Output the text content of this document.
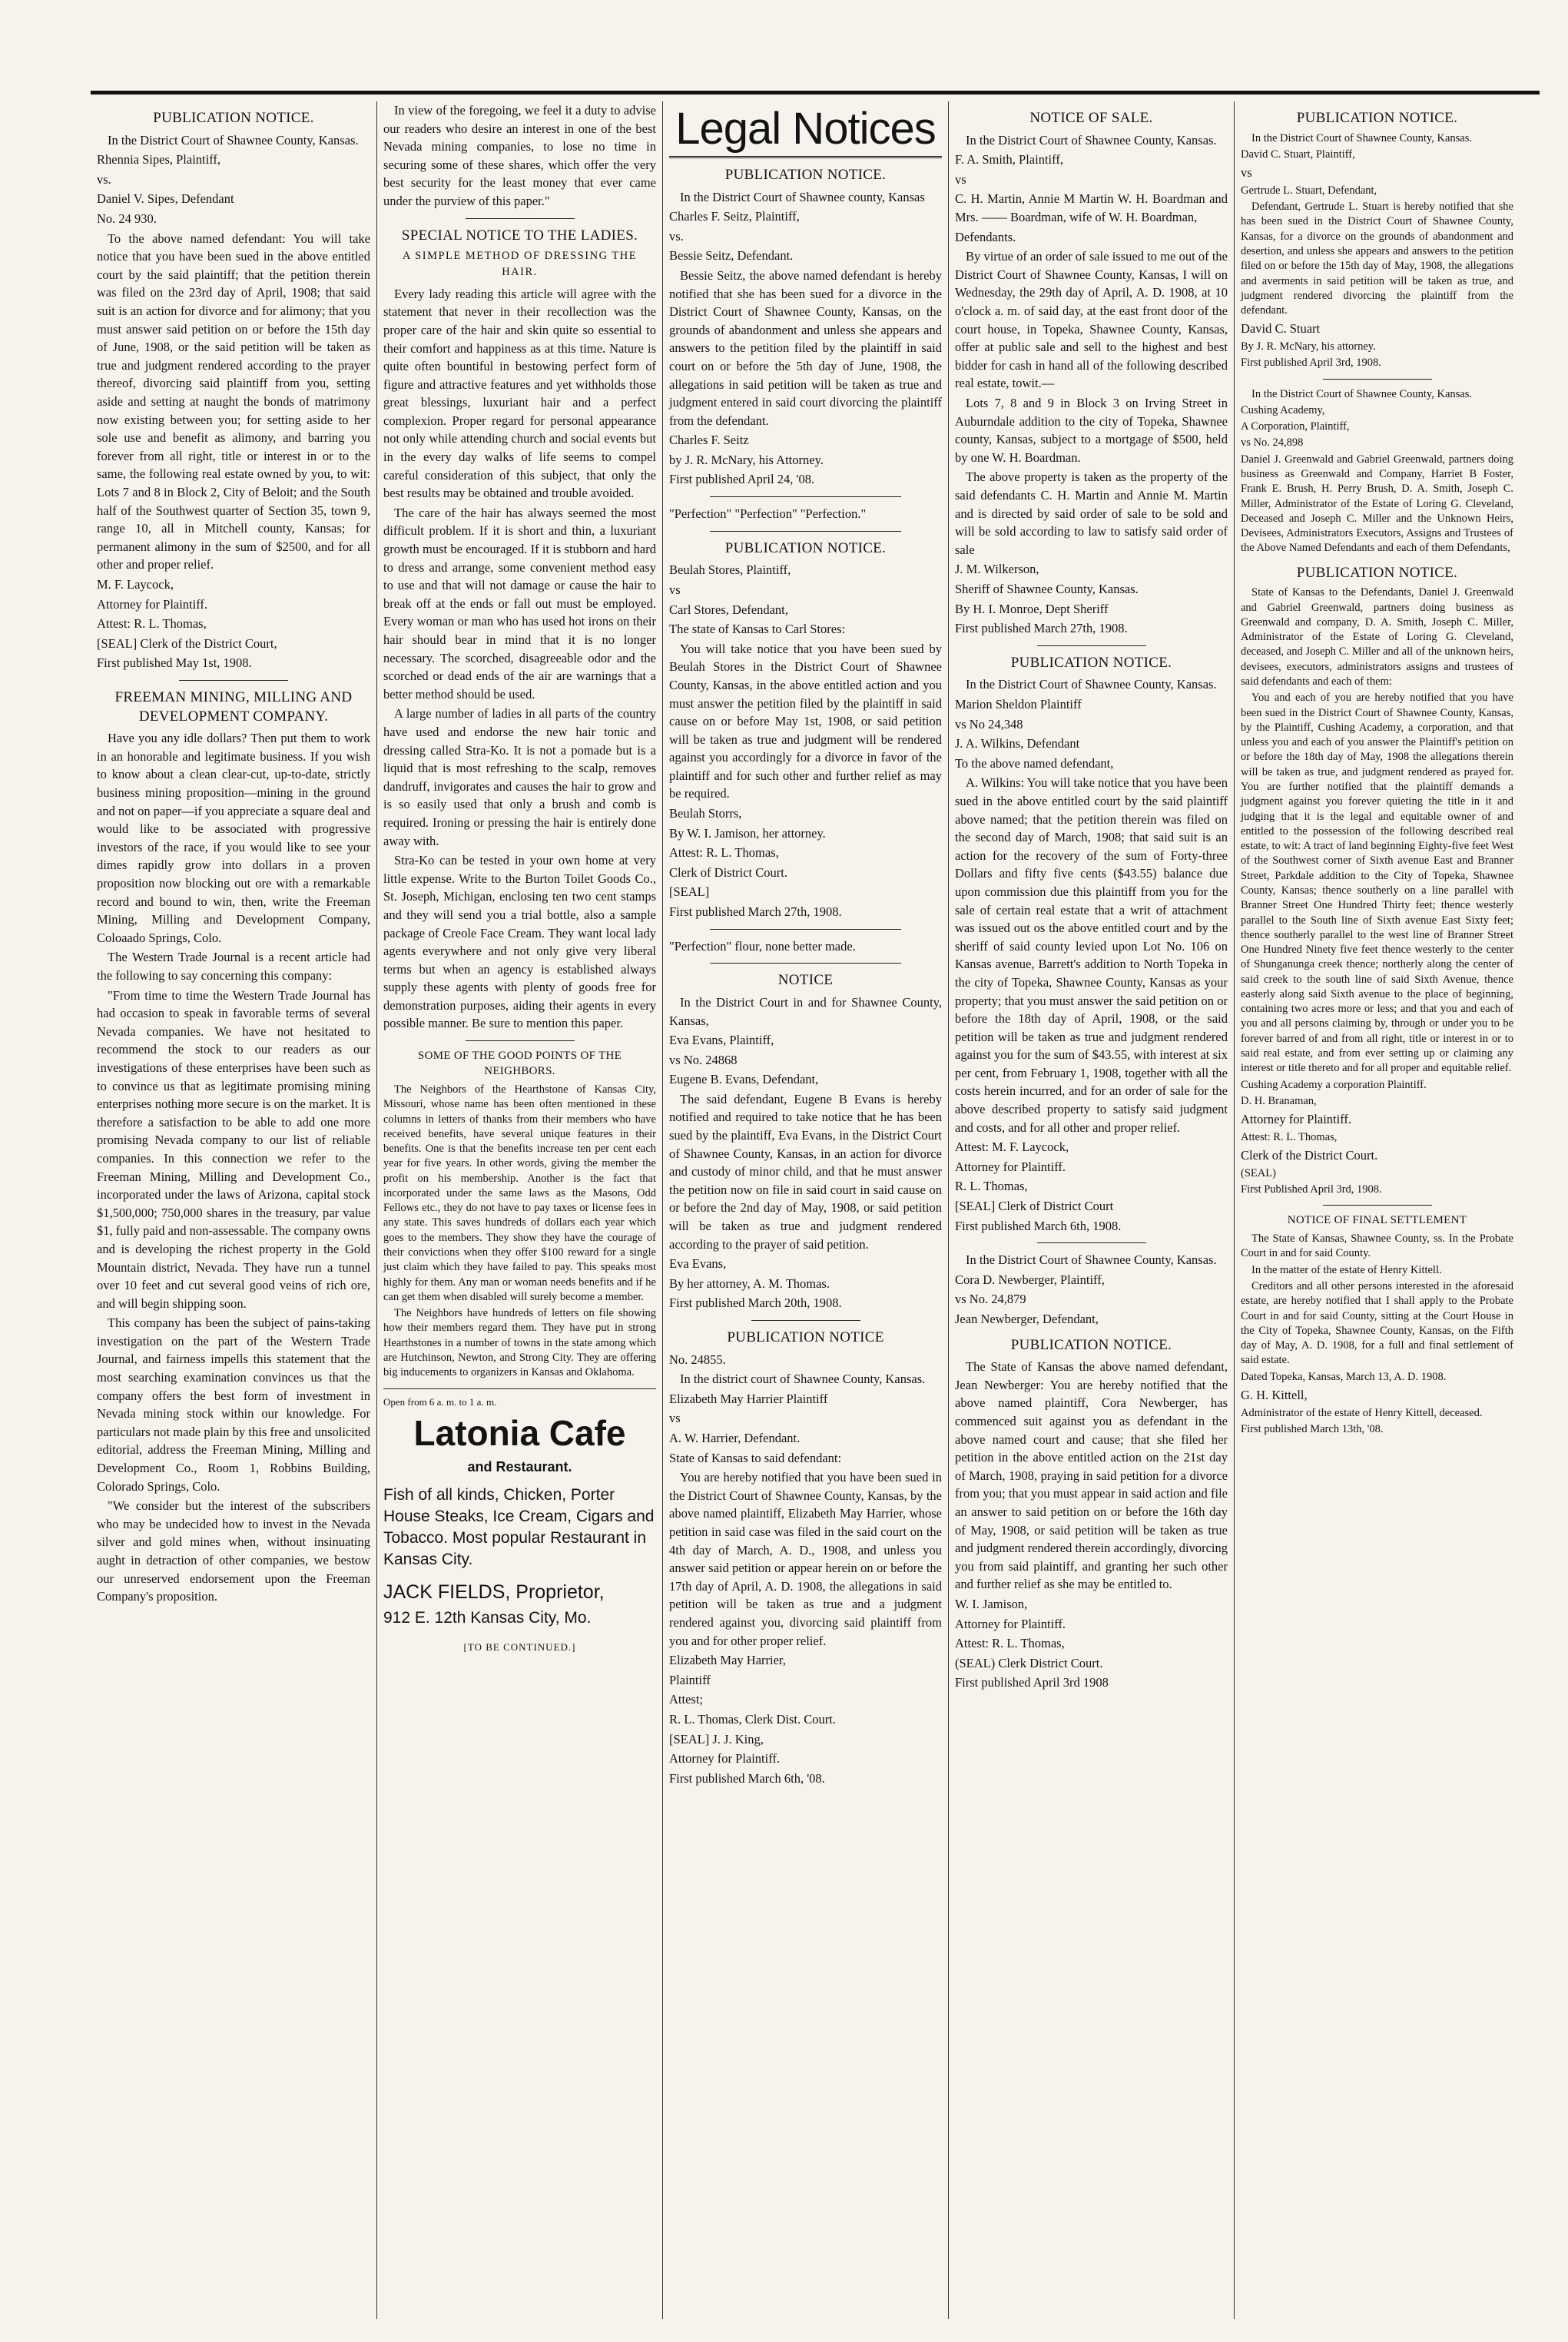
PUBLICATION NOTICE.

In the District Court of Shawnee County, Kansas.

Rhennia Sipes, Plaintiff,

vs.

Daniel V. Sipes, Defendant

No. 24 930.

To the above named defendant: You will take notice that you have been sued in the above entitled court by the said plaintiff; that the petition therein was filed on the 23rd day of April, 1908; that said suit is an action for divorce and for alimony; that you must answer said petition on or before the 15th day of June, 1908, or the said petition will be taken as true and judgment rendered according to the prayer thereof, divorcing said plaintiff from you, setting aside and setting at naught the bonds of matrimony now existing between you; for setting aside to her sole use and benefit as alimony, and barring you forever from all right, title or interest in or to the same, the following real estate owned by you, to wit: Lots 7 and 8 in Block 2, City of Beloit; and the South half of the Southwest quarter of Section 35, town 9, range 10, all in Mitchell county, Kansas; for permanent alimony in the sum of $2500, and for all other and proper relief.

M. F. Laycock,

Attorney for Plaintiff.

Attest: R. L. Thomas,

[SEAL] Clerk of the District Court,

First published May 1st, 1908.

FREEMAN MINING, MILLING AND DEVELOPMENT COMPANY.

Have you any idle dollars? Then put them to work in an honorable and legitimate business. If you wish to know about a clean clear-cut, up-to-date, strictly business mining proposition—mining in the ground and not on paper—if you appreciate a square deal and would like to be associated with progressive investors of the race, if you would like to see your dimes rapidly grow into dollars in a proven proposition now blocking out ore with a remarkable record and bound to win, then, write the Freeman Mining, Milling and Development Company, Coloaado Springs, Colo.

The Western Trade Journal is a recent article had the following to say concerning this company:

"From time to time the Western Trade Journal has had occasion to speak in favorable terms of several Nevada companies. We have not hesitated to recommend the stock to our readers as our investigations of these enterprises have been such as to convince us that as legitimate promising mining enterprises nothing more secure is on the market. It is therefore a satisfaction to be able to add one more promising Nevada company to our list of reliable companies. In this connection we refer to the Freeman Mining, Milling and Development Co., incorporated under the laws of Arizona, capital stock $1,500,000; 750,000 shares in the treasury, par value $1, fully paid and non-assessable. The company owns and is developing the richest property in the Gold Mountain district, Nevada. They have run a tunnel over 10 feet and cut several good veins of rich ore, and will begin shipping soon.

This company has been the subject of pains-taking investigation on the part of the Western Trade Journal, and fairness impells this statement that the most searching examination convinces us that the company offers the best form of investment in Nevada mining stock within our knowledge. For particulars not made plain by this free and unsolicited editorial, address the Freeman Mining, Milling and Development Co., Room 1, Robbins Building, Colorado Springs, Colo.

"We consider but the interest of the subscribers who may be undecided how to invest in the Nevada silver and gold mines when, without insinuating aught in detraction of other companies, we bestow our unreserved endorsement upon the Freeman Company's proposition.

In view of the foregoing, we feel it a duty to advise our readers who desire an interest in one of the best Nevada mining companies, to lose no time in securing some of these shares, which offer the very best security for the least money that ever came under the purview of this paper."

SPECIAL NOTICE TO THE LADIES.
A SIMPLE METHOD OF DRESSING THE HAIR.

Every lady reading this article will agree with the statement that never in their recollection was the proper care of the hair and skin quite so essential to their comfort and happiness as at this time. Nature is quite often bountiful in bestowing perfect form of figure and attractive features and yet withholds those great blessings, luxuriant hair and a perfect complexion. Proper regard for personal appearance not only while attending church and social events but in the every day walks of life seems to compel careful consideration of this subject, that only the best results may be obtained and trouble avoided.

The care of the hair has always seemed the most difficult problem. If it is short and thin, a luxuriant growth must be encouraged. If it is stubborn and hard to dress and arrange, some convenient method easy to use and that will not damage or cause the hair to break off at the ends or fall out must be employed. Every woman or man who has used hot irons on their hair should bear in mind that it is no longer necessary. The scorched, disagreeable odor and the scorched or dead ends of the air are warnings that a better method should be used.

A large number of ladies in all parts of the country have used and endorse the new hair tonic and dressing called Stra-Ko. It is not a pomade but is a liquid that is most refreshing to the scalp, removes dandruff, invigorates and causes the hair to grow and is so easily used that only a brush and comb is required. Ironing or pressing the hair is entirely done away with.

Stra-Ko can be tested in your own home at very little expense. Write to the Burton Toilet Goods Co., St. Joseph, Michigan, enclosing ten two cent stamps and they will send you a trial bottle, also a sample package of Creole Face Cream. They want local lady agents everywhere and not only give very liberal terms but when an agency is established always supply these agents with plenty of goods free for demonstration purposes, aiding their agents in every possible manner. Be sure to mention this paper.

SOME OF THE GOOD POINTS OF THE NEIGHBORS.

The Neighbors of the Hearthstone of Kansas City, Missouri, whose name has been often mentioned in these columns in letters of thanks from their members who have received benefits, have several unique features in their benefits. One is that the benefits increase ten per cent each year for five years. In other words, giving the member the profit on his membership. Another is the fact that incorporated under the same laws as the Masons, Odd Fellows etc., they do not have to pay taxes or license fees in any state. This saves hundreds of dollars each year which goes to the members. They show they have the courage of their convictions when they offer $100 reward for a single just claim which they have failed to pay. This speaks most highly for them. Any man or woman needs benefits and if he can get them when disabled will surely become a member.

The Neighbors have hundreds of letters on file showing how their members regard them. They have put in strong Hearthstones in a number of towns in the state among which are Hutchinson, Newton, and Strong City. They are offering big inducements to organizers in Kansas and Oklahoma.

Open from 6 a. m. to 1 a. m.
Latonia Cafe
and Restaurant.
Fish of all kinds, Chicken, Porter House Steaks, Ice Cream, Cigars and Tobacco. Most popular Restaurant in Kansas City.
JACK FIELDS, Proprietor,
912 E. 12th Kansas City, Mo.
[TO BE CONTINUED.]
Legal Notices
PUBLICATION NOTICE.

In the District Court of Shawnee county, Kansas

Charles F. Seitz, Plaintiff,

vs.

Bessie Seitz, Defendant.

Bessie Seitz, the above named defendant is hereby notified that she has been sued for a divorce in the District Court of Shawnee County, Kansas, on the grounds of abandonment and unless she appears and answers to the petition filed by the plaintiff in said court on or before the 5th day of June, 1908, the allegations in said petition will be taken as true and judgment entered in said court divorcing the plaintiff from the defendant.

Charles F. Seitz

by J. R. McNary, his Attorney.

First published April 24, '08.

"Perfection" "Perfection" "Perfection."

PUBLICATION NOTICE.

Beulah Stores, Plaintiff,

vs

Carl Stores, Defendant,

The state of Kansas to Carl Stores:

You will take notice that you have been sued by Beulah Stores in the District Court of Shawnee County, Kansas, in the above entitled action and you must answer the petition filed by the plaintiff in said cause on or before May 1st, 1908, or said petition will be taken as true and judgment will be rendered against you accordingly for a divorce in favor of the plaintiff and for such other and further relief as may be required.

Beulah Storrs,

By W. I. Jamison, her attorney.

Attest: R. L. Thomas,

Clerk of District Court.

[SEAL]

First published March 27th, 1908.

"Perfection" flour, none better made.

NOTICE

In the District Court in and for Shawnee County, Kansas,

Eva Evans, Plaintiff,

vs No. 24868

Eugene B. Evans, Defendant,

The said defendant, Eugene B Evans is hereby notified and required to take notice that he has been sued by the plaintiff, Eva Evans, in the District Court of Shawnee County, Kansas, in an action for divorce and custody of minor child, and that he must answer the petition now on file in said court in said cause on or before the 2nd day of May, 1908, or said petition will be taken as true and judgment rendered according to the prayer of said petition.

Eva Evans,

By her attorney, A. M. Thomas.

First published March 20th, 1908.

PUBLICATION NOTICE

No. 24855.

In the district court of Shawnee County, Kansas.

Elizabeth May Harrier Plaintiff

vs

A. W. Harrier, Defendant.

State of Kansas to said defendant:

You are hereby notified that you have been sued in the District Court of Shawnee County, Kansas, by the above named plaintiff, Elizabeth May Harrier, whose petition in said case was filed in the said court on the 4th day of March, A. D., 1908, and unless you answer said petition or appear herein on or before the 17th day of April, A. D. 1908, the allegations in said petition will be taken as true and a judgment rendered against you, divorcing said plaintiff from you and for other proper relief.

Elizabeth May Harrier,

Plaintiff

Attest;

R. L. Thomas, Clerk Dist. Court.

[SEAL] J. J. King,

Attorney for Plaintiff.

First published March 6th, '08.

NOTICE OF SALE.

In the District Court of Shawnee County, Kansas.

F. A. Smith, Plaintiff,

vs

C. H. Martin, Annie M Martin W. H. Boardman and Mrs. —— Boardman, wife of W. H. Boardman,

Defendants.

By virtue of an order of sale issued to me out of the District Court of Shawnee County, Kansas, I will on Wednesday, the 29th day of April, A. D. 1908, at 10 o'clock a. m. of said day, at the east front door of the court house, in Topeka, Shawnee County, Kansas, offer at public sale and sell to the highest and best bidder for cash in hand all of the following described real estate, towit.—

Lots 7, 8 and 9 in Block 3 on Irving Street in Auburndale addition to the city of Topeka, Shawnee county, Kansas, subject to a mortgage of $500, held by one W. H. Boardman.

The above property is taken as the property of the said defendants C. H. Martin and Annie M. Martin and is directed by said order of sale to be sold and will be sold according to law to satisfy said order of sale

J. M. Wilkerson,

Sheriff of Shawnee County, Kansas.

By H. I. Monroe, Dept Sheriff

First published March 27th, 1908.

PUBLICATION NOTICE.

In the District Court of Shawnee County, Kansas.

Marion Sheldon Plaintiff

vs No 24,348

J. A. Wilkins, Defendant

To the above named defendant,

A. Wilkins: You will take notice that you have been sued in the above entitled court by the said plaintiff above named; that the petition therein was filed on the second day of March, 1908; that said suit is an action for the recovery of the sum of Forty-three Dollars and fifty five cents ($43.55) balance due upon commission due this plaintiff from you for the sale of certain real estate that a writ of attachment was issued out os the above entitled court and by the sheriff of said county levied upon Lot No. 106 on Kansas avenue, Barrett's addition to North Topeka in the city of Topeka, Shawnee County, Kansas as your property; that you must answer the said petition on or before the 18th day of April, 1908, or the said petition will be taken as true and judgment rendered against you for the sum of $43.55, with interest at six per cent, from February 1, 1908, together with all the costs herein incurred, and for an order of sale for the above described property to satisfy said judgment and costs, and for all other and proper relief.

Attest: M. F. Laycock,

Attorney for Plaintiff.

R. L. Thomas,

[SEAL] Clerk of District Court

First published March 6th, 1908.

In the District Court of Shawnee County, Kansas.

Cora D. Newberger, Plaintiff,

vs No. 24,879

Jean Newberger, Defendant,

PUBLICATION NOTICE.

The State of Kansas the above named defendant, Jean Newberger: You are hereby notified that the above named plaintiff, Cora Newberger, has commenced suit against you as defendant in the above named court and cause; that she filed her petition in the above entitled action on the 21st day of March, 1908, praying in said petition for a divorce from you; that you must appear in said action and file an answer to said petition on or before the 16th day of May, 1908, or said petition will be taken as true and judgment rendered therein accordingly, divorcing you from said plaintiff, and granting her such other and further relief as she may be entitled to.

W. I. Jamison,

Attorney for Plaintiff.

Attest: R. L. Thomas,

(SEAL) Clerk District Court.

First published April 3rd 1908

PUBLICATION NOTICE.

In the District Court of Shawnee County, Kansas.

David C. Stuart, Plaintiff,

vs

Gertrude L. Stuart, Defendant,

Defendant, Gertrude L. Stuart is hereby notified that she has been sued in the District Court of Shawnee County, Kansas, for a divorce on the grounds of abandonment and desertion, and unless she appears and answers to the petition filed on or before the 15th day of May, 1908, the allegations and averments in said petition will be taken as true, and judgment rendered divorcing the plaintiff from the defendant.

David C. Stuart

By J. R. McNary, his attorney.

First published April 3rd, 1908.

In the District Court of Shawnee County, Kansas.

Cushing Academy,

A Corporation, Plaintiff,

vs No. 24,898

Daniel J. Greenwald and Gabriel Greenwald, partners doing business as Greenwald and Company, Harriet B Foster, Frank E. Brush, H. Perry Brush, D. A. Smith, Joseph C. Miller, Administrator of the Estate of Loring G. Cleveland, Deceased and Joseph C. Miller and the Unknown Heirs, Devisees, Administrators Executors, Assigns and Trustees of the Above Named Defendants and each of them Defendants,

PUBLICATION NOTICE.

State of Kansas to the Defendants, Daniel J. Greenwald and Gabriel Greenwald, partners doing business as Greenwald and company, D. A. Smith, Joseph C. Miller, Administrator of the Estate of Loring G. Cleveland, deceased, and Joseph C. Miller and all of the unknown heirs, devisees, executors, administrators assigns and trustees of said defendants and each of them:

You and each of you are hereby notified that you have been sued in the District Court of Shawnee County, Kansas, by the Plaintiff, Cushing Academy, a corporation, and that unless you and each of you answer the Plaintiff's petition on or before the 18th day of May, 1908 the allegations therein will be taken as true, and judgment rendered as prayed for. You are further notified that the plaintiff demands a judgment against you forever quieting the title in it and judging that it is the legal and equitable owner of and entitled to the possession of the following described real estate, to wit: A tract of land beginning Eighty-five feet West of the Southwest corner of Sixth avenue East and Branner Street, Parkdale addition to the City of Topeka, Shawnee County, Kansas; thence southerly on a line parallel with Branner Street One Hundred Thirty feet; thence westerly parallel to the South line of Sixth avenue East Sixty feet; thence southerly parallel to the west line of Branner Street One Hundred Ninety five feet thence westerly to the center of Shunganunga creek thence; northerly along the center of said creek to the south line of said Sixth Avenue, thence easterly along said Sixth avenue to the place of beginning, containing two acres more or less; and that you and each of you and all persons claiming by, through or under you to be forever barred of and from all right, title or interest in or to said real estate, and from ever setting up or claiming any interest or title thereto and for all proper and equitable relief.

Cushing Academy a corporation Plaintiff.

D. H. Branaman,

Attorney for Plaintiff.

Attest: R. L. Thomas,

Clerk of the District Court.

(SEAL)

First Published April 3rd, 1908.

NOTICE OF FINAL SETTLEMENT

The State of Kansas, Shawnee County, ss. In the Probate Court in and for said County.

In the matter of the estate of Henry Kittell.

Creditors and all other persons interested in the aforesaid estate, are hereby notified that I shall apply to the Probate Court in and for said County, sitting at the Court House in the City of Topeka, Shawnee County, Kansas, on the Fifth day of May, A. D. 1908, for a full and final settlement of said estate.

Dated Topeka, Kansas, March 13, A. D. 1908.

G. H. Kittell,

Administrator of the estate of Henry Kittell, deceased.

First published March 13th, '08.
